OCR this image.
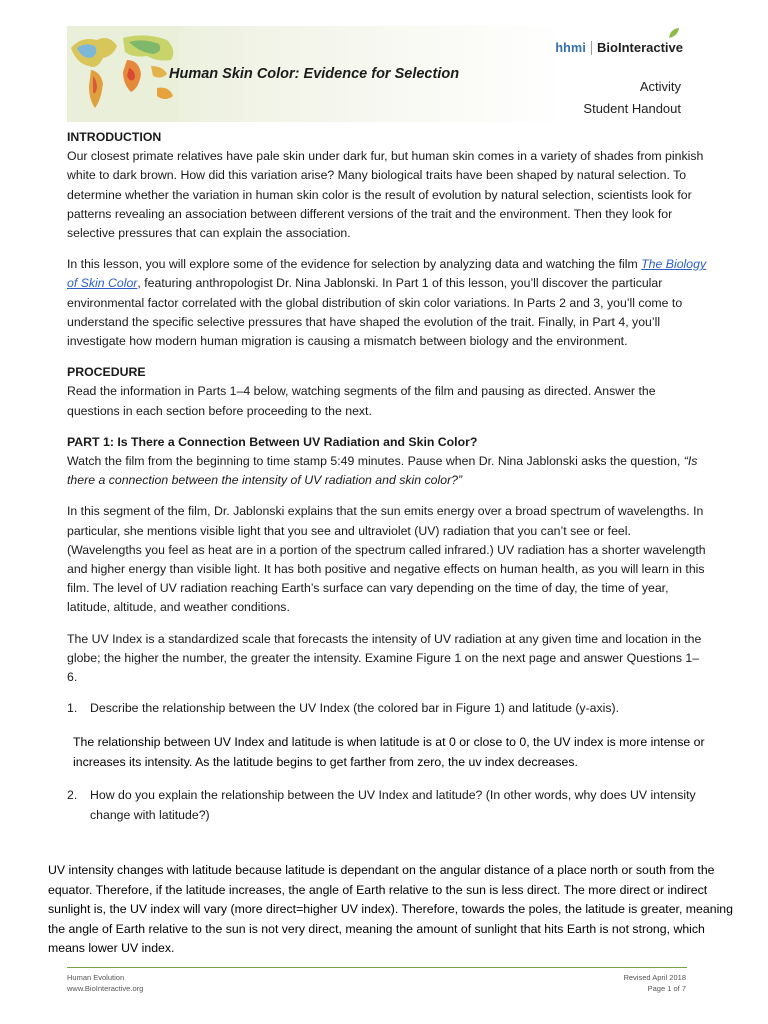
Human Skin Color: Evidence for Selection
hhmi BioInteractive
Activity
Student Handout
INTRODUCTION
Our closest primate relatives have pale skin under dark fur, but human skin comes in a variety of shades from pinkish white to dark brown. How did this variation arise? Many biological traits have been shaped by natural selection. To determine whether the variation in human skin color is the result of evolution by natural selection, scientists look for patterns revealing an association between different versions of the trait and the environment. Then they look for selective pressures that can explain the association.
In this lesson, you will explore some of the evidence for selection by analyzing data and watching the film The Biology of Skin Color, featuring anthropologist Dr. Nina Jablonski. In Part 1 of this lesson, you’ll discover the particular environmental factor correlated with the global distribution of skin color variations. In Parts 2 and 3, you’ll come to understand the specific selective pressures that have shaped the evolution of the trait. Finally, in Part 4, you’ll investigate how modern human migration is causing a mismatch between biology and the environment.
PROCEDURE
Read the information in Parts 1–4 below, watching segments of the film and pausing as directed. Answer the questions in each section before proceeding to the next.
PART 1: Is There a Connection Between UV Radiation and Skin Color?
Watch the film from the beginning to time stamp 5:49 minutes. Pause when Dr. Nina Jablonski asks the question, “Is there a connection between the intensity of UV radiation and skin color?”
In this segment of the film, Dr. Jablonski explains that the sun emits energy over a broad spectrum of wavelengths. In particular, she mentions visible light that you see and ultraviolet (UV) radiation that you can’t see or feel. (Wavelengths you feel as heat are in a portion of the spectrum called infrared.) UV radiation has a shorter wavelength and higher energy than visible light. It has both positive and negative effects on human health, as you will learn in this film. The level of UV radiation reaching Earth’s surface can vary depending on the time of day, the time of year, latitude, altitude, and weather conditions.
The UV Index is a standardized scale that forecasts the intensity of UV radiation at any given time and location in the globe; the higher the number, the greater the intensity. Examine Figure 1 on the next page and answer Questions 1–6.
1.	Describe the relationship between the UV Index (the colored bar in Figure 1) and latitude (y-axis).
The relationship between UV Index and latitude is when latitude is at 0 or close to 0, the UV index is more intense or increases its intensity. As the latitude begins to get farther from zero, the uv index decreases.
2.	How do you explain the relationship between the UV Index and latitude? (In other words, why does UV intensity change with latitude?)
UV intensity changes with latitude because latitude is dependant on the angular distance of a place north or south from the equator. Therefore, if the latitude increases, the angle of Earth relative to the sun is less direct. The more direct or indirect sunlight is, the UV index will vary (more direct=higher UV index). Therefore, towards the poles, the latitude is greater, meaning the angle of Earth relative to the sun is not very direct, meaning the amount of sunlight that hits Earth is not strong, which means lower UV index.
Human Evolution
www.BioInteractive.org
Revised April 2018
Page 1 of 7
